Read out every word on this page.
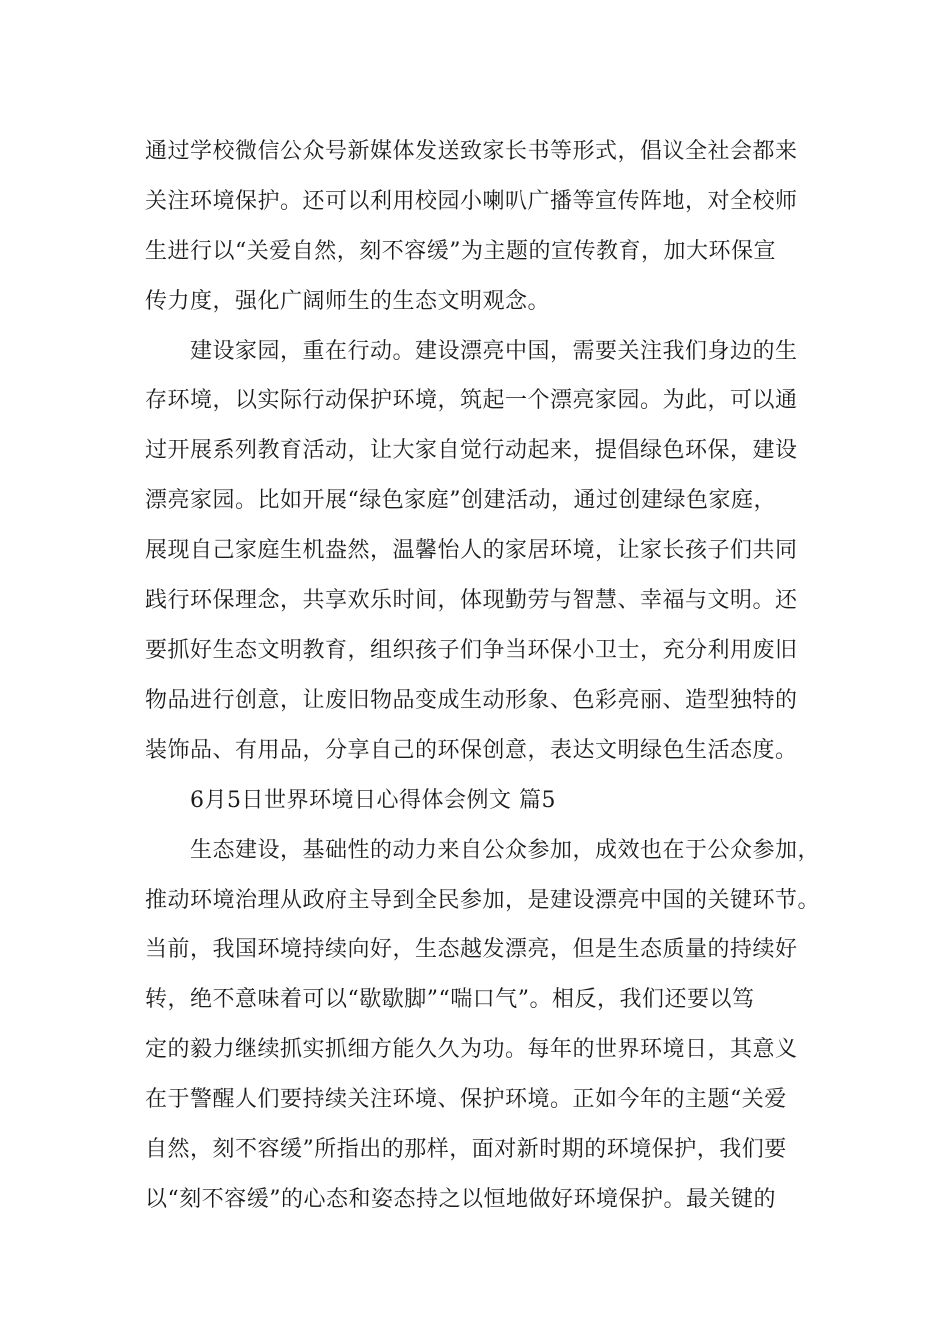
通过学校微信公众号新媒体发送致家长书等形式，倡议全社会都来
关注环境保护。还可以利用校园小喇叭广播等宣传阵地，对全校师
生进行以“关爱自然，刻不容缓”为主题的宣传教育，加大环保宣
传力度，强化广阔师生的生态文明观念。
建设家园，重在行动。建设漂亮中国，需要关注我们身边的生
存环境，以实际行动保护环境，筑起一个漂亮家园。为此，可以通
过开展系列教育活动，让大家自觉行动起来，提倡绿色环保，建设
漂亮家园。比如开展“绿色家庭”创建活动，通过创建绿色家庭，
展现自己家庭生机盎然，温馨怡人的家居环境，让家长孩子们共同
践行环保理念，共享欢乐时间，体现勤劳与智慧、幸福与文明。还
要抓好生态文明教育，组织孩子们争当环保小卫士，充分利用废旧
物品进行创意，让废旧物品变成生动形象、色彩亮丽、造型独特的
装饰品、有用品，分享自己的环保创意，表达文明绿色生活态度。
6月5日世界环境日心得体会例文 篇5
生态建设，基础性的动力来自公众参加，成效也在于公众参加，
推动环境治理从政府主导到全民参加，是建设漂亮中国的关键环节。
当前，我国环境持续向好，生态越发漂亮，但是生态质量的持续好
转，绝不意味着可以“歇歇脚”“喘口气”。相反，我们还要以笃
定的毅力继续抓实抓细方能久久为功。每年的世界环境日，其意义
在于警醒人们要持续关注环境、保护环境。正如今年的主题“关爱
自然，刻不容缓”所指出的那样，面对新时期的环境保护，我们要
以“刻不容缓”的心态和姿态持之以恒地做好环境保护。最关键的
